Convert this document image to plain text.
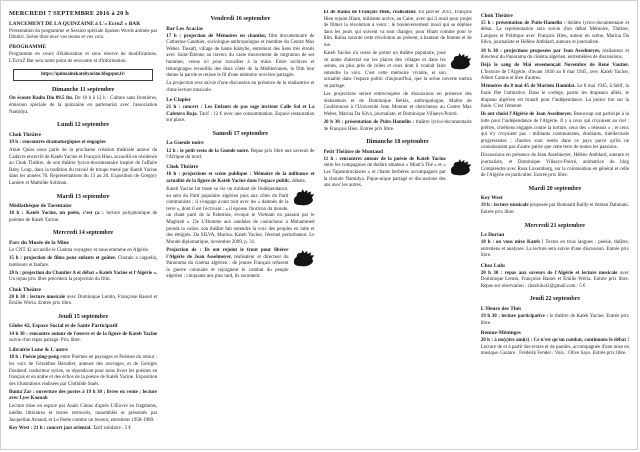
MERCREDI 7 SEPTEMBRE 2016 à 20 h
LANCEMENT DE LA QUINZAINE à L'« EcruZ » BAR
Présentation du programme et Session spéciale Spoken Words animée par Dimitri. Scène libre avec vos textes et vos voix.
PROGRAMME
Programme en cours d'élaboration et sous réserve de modifications. L'EcruZ Bar sera notre point de rencontre et d'information.
https://quinzainekatebyacine.blogspot.fr/
Dimanche 11 septembre
On écoute Radio Dio 89.5 fm. De 10 h à 12 h : Culture sans frontières, émission spéciale de la quinzaine en partenariat avec l'association Namidya.
Lundi 12 septembre
Chok Théâtre
19 h : rencontres dramaturgiques et engagées
Amin Qniss nous parle de la prochaine création théâtrale autour du Cadavre encerclé de Kateb Yacine et François Hien, accueilli en résidence au Chok Théâtre, de son théâtre lyrico-documentaire inspiré de l'affaire Baby Loup, dans la tradition du travail de troupe mené par Kateb Yacine dans les années 70. Représentations du 13 au 20. Exposition de Gregory Lanière et Mathilde Soliman.
Mardi 13 septembre
Médiathèque de Tarentaize
18 h : Kateb Yacine, un poète, c'est ça : lecture polyphonique de poèmes de Kateb Yacine.
Mercredi 14 septembre
Parc du Musée de la Mine
Le CNT 42 accueille le Cinéma voyageur et nous emmène en Algérie.
15 h : projection de films pour enfants et goûter. Chorale a cappella, tambours et fanfare.
20 h : projection du Chantier A et débat « Kateb Yacine et l'Algérie ». Un repas prix libre précédera la projection du film.
Chok Théâtre
20 h 30 : lecture musicale avec Dominique Lentin, Françoise Basset et Émilie Wéria. Entrée prix libre.
Jeudi 15 septembre
Globe 42, Espace Social et de Santé Participatif
14 h 30 : rencontre autour de l'œuvre et de la figure de Kateb Yacine suivie d'un repas partagé. Prix libre.
Librairie Lune & L'autre
18 h : Poésie ping-pong entre Poèmes en paysages et Poèmes du retour : les voix de Géraldine Bérodier, auteure des ouvrages, et de Georges Doubeuf, traducteur syrien, se répondront pour nous livrer les poèmes en français et en arabe et des échos de la poésie de Kateb Yacine. Exposition des illustrations réalisées par Clothilde Staës.
Bunta'Zar : ouverture des portes à 19 h 30 ; livres en vente ; lecture avec Lyes Kaouah
Lecture mise en espace par Anaïs Cintas d'après L'Œuvre en fragments, inédits littéraires et textes retrouvés, rassemblés et présentés par Jacqueline Arnaud, et Le Poète comme un boxeur, entretiens 1958-1989.
Key West : 21 h : concert jazz oriental. Tarif solidaire : 5 €
Vendredi 16 septembre
Bar Les Acacias
17 h : projection de Mémoires en chantier, film documentaire de Catherine Gauthier, sociologue-anthropologue et membre du Centre Max Weber. Tassaft, village de haute Kabylie, entretient des liens très étroits avec Saint-Étienne au travers du vaste mouvement de migration de ses hommes, venus ici pour travailler à la mine. Entre archives et témoignages recueillis des deux côtés de la Méditerranée, le film leur donne la parole et retisse le fil d'une mémoire ouvrière partagée.
La projection sera suivie d'une discussion en présence de la réalisatrice et d'une lecture musicale.
Le Clapier
21 h : concert : Les Enfants de pas sage invitent Calle Sol et La Cafetera Roja. Tarif : 12 € avec une consommation. Espace restauration sur place.
Samedi 17 septembre
La Gueule noire
12 h : le petit resto de la Gueule noire. Repas prix libre aux saveurs de l'Afrique du nord.
Chok Théâtre
16 h : projections et scène publique : Mémoire de la militance et actualité de la figure de Kateb Yacine dans l'espace public, débats.
Kateb Yacine fut toute sa vie un militant de l'indépendance, au sein du Parti populaire algérien puis aux côtés du Parti communiste ; il s'engage avant tout avec les « damnés de la terre », dont il est l'écrivain : « il épouse l'horizon du monde, un chant parti de la Palestine, évoque le Vietnam en passant par le Maghreb ». De L'Homme aux sandales de caoutchouc à Mohammed prends ta valise, son théâtre fait entendre la voix des peuples en lutte et des émigrés. Da SILVA, Marina. Kateb Yacine, l'éternel perturbateur. Le Monde diplomatique, novembre 2009, p. 31.
Projection de : Ils ont rejoint le front pour libérer l'Algérie de Jean Asselmeyer, réalisateur et directeur du Panorama du cinéma algérien : de jeunes Français refusent la guerre coloniale et rejoignent le combat du peuple algérien ; cinquante ans plus tard, ils racontent.
Et de Raïna de François Hien, réalisateur. En janvier 2011, François Hien rejoint Hiam, militante active, au Caire, avec qui il avait pour projet de filmer la révolution à venir ; le bouleversement inouï qui se déploie dans les jours qui suivent va tout changer, pour Hiam comme pour le film. Raïna raconte cette révolution au présent, à hauteur de femme et de rue.
Kateb Yacine n'a cessé de porter un théâtre populaire, joué en arabe dialectal sur les places des villages et dans les usines, au plus près de celles et ceux dont il voulait faire entendre la voix. C'est cette mémoire vivante, et son actualité dans l'espace public d'aujourd'hui, que la scène ouverte mettra en partage.
Les projections seront entrecoupées de discussions en présence des réalisateurs et de Dominique Belkis, anthropologue, Maître de Conférences à l'Université Jean Monnet et chercheuse au Centre Max Weber, Marina Da Silva, journaliste, et Dominique Villaeys-Poirré.
20 h 30 : présentation de Puits-Hamelin : théâtre lyrico-documentaire de François Hien. Entrée prix libre.
Dimanche 18 septembre
Petit Théâtre de Montaud
11 h : rencontres autour de la poésie de Kateb Yacine entre les compagnies de théâtre amateur « Mont'à Thé » et « Les Tapeautruckistes » et chants berbères accompagnés par la chorale Namidya. Pique-nique partagé et discussions des uns avec les autres.
Chok Théâtre
15 h : présentation de Puits-Hamelin : théâtre lyrico-documentaire et débat. La représentation sera suivie d'un débat Mémoire, Théâtre, Langues et Politique avec François Hien, auteur en scène, Marina Da Silva, journaliste et Hélène Amblard, auteure et journaliste.
18 h 30 : projections proposées par Jean Asselmeyer, réalisateur et directeur du Panorama du cinéma algérien, entremêlées de discussions.
Déjà le sang de Mai ensemençait Novembre de René Vautier. L'histoire de l'Algérie, d'avant 1830 au 8 mai 1945, avec Kateb Yacine, Albert Camus et bien d'autres.
Mémoires du 8 mai 45 de Mariem Hamidat. Le 8 mai 1945, à Sétif, la foule fête l'armistice. Dans le cortège, parmi les drapeaux alliés, le drapeau algérien est brandi pour l'indépendance. La police tire sur la foule. C'est l'émeute.
Ils ont choisi l'Algérie de Jean Asselmeyer. Beaucoup ont participé à la lutte pour l'indépendance de l'Algérie. Il y a ceux qui croyaient au ciel : prêtres, chrétiens engagés contre la torture, ceux des « réseaux » ; et ceux qui n'y croyaient pas : militants communistes, étudiants, intellectuels progressistes ; d'autres sont restés dans ce pays parce qu'ils ne connaissaient pas d'autre patrie que cette terre de toutes les passions.
Discussions en présence de Jean Asselmeyer, Hélène Amblard, auteure et journaliste, et Dominique Villaeys-Poirré, animatrice du blog Comprendre avec Rosa Luxemburg, sur la colonisation en général et celle de l'Algérie en particulier. Entrée prix libre.
Mardi 20 septembre
Key West
19 h : lecture musicale proposée par Romuald Bailly et Atman Dahmani. Entrée prix libre.
Mercredi 21 septembre
Le Dorian
18 h : on vous mixe Kateb ! Textes en trois langues : poésie, théâtre, entretiens et analyses. La lecture sera suivie d'une discussion. Entrée prix libre.
Chez Lulu
20 h 30 : repas aux saveurs de l'Algérie et lecture musicale avec Dominique Lentin, Françoise Basset et Émilie Wéria. Entrée prix libre. Repas sur réservation : chezlulu42@gmail.com / 5 €
Jeudi 22 septembre
L'Heure des Thés
19 h 30 : lecture participative : le théâtre de Kateb Yacine. Entrée prix libre.
Remue-Méninges
20 h : à no(s)tre ami(s) : Ce n'est qu'un combat, continuons le débat ! Lecture de et à partir des textes et de paroles, accompagnée d'une mise en musique. Guitare : Frédérik Fender / Voix : Olive Says. Entrée prix libre.
